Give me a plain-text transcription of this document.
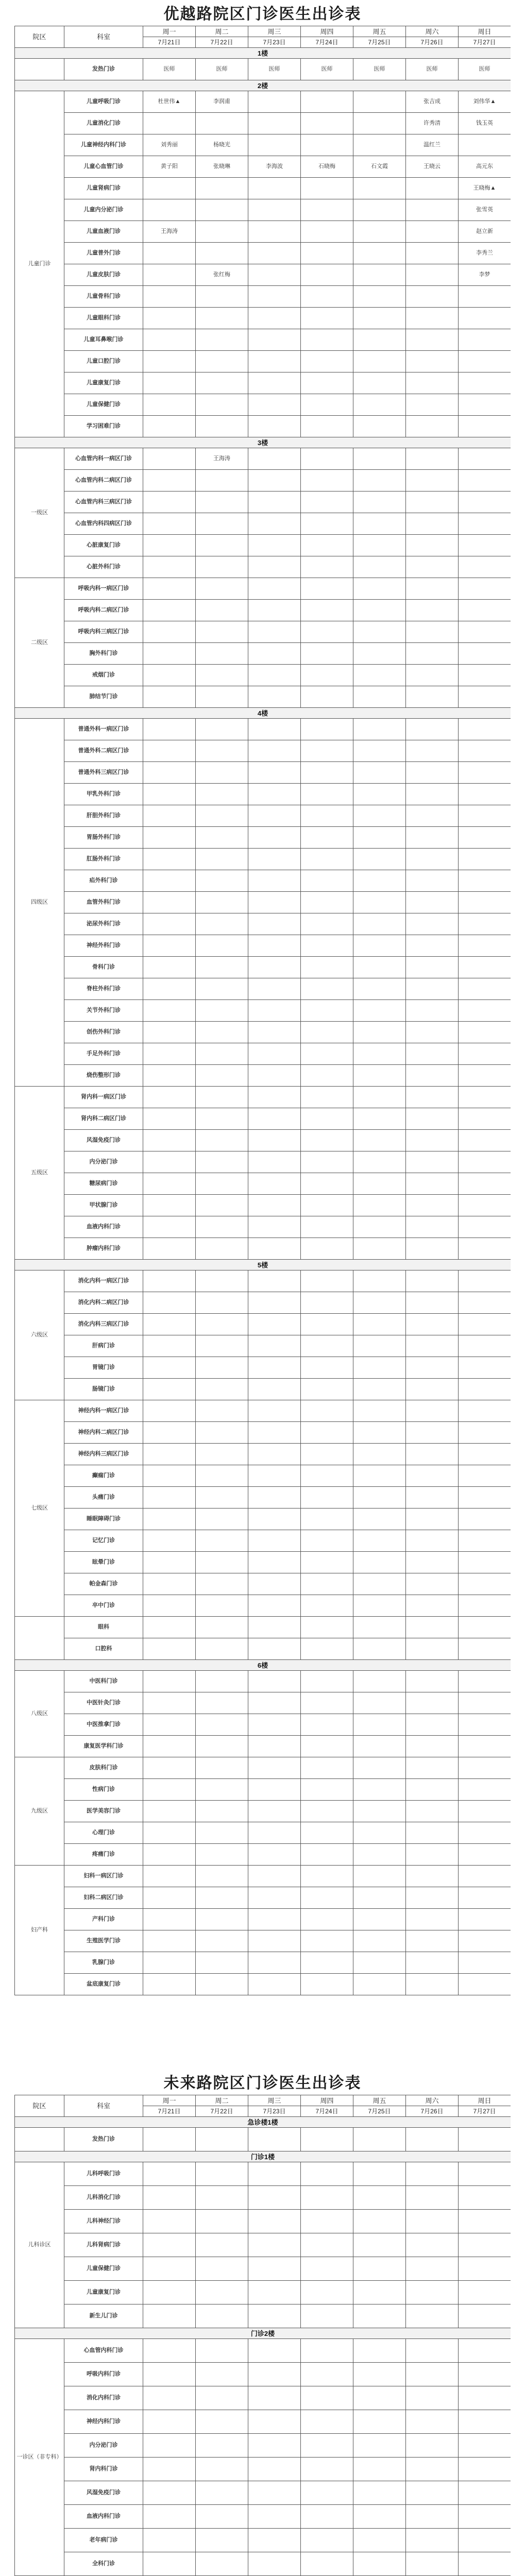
优越路院区门诊医生出诊表
院区	科室	周一	周二	周三	周四	周五	周六	周日
		7月21日	7月22日	7月23日	7月24日	7月25日	7月26日	7月27日
1楼								
	发热门诊	医师	医师	医师	医师	医师	医师	医师
2楼								
儿童门诊	儿童呼吸门诊	杜世伟▲	李润甫				张吉成	刘伟华▲
	儿童消化门诊						许秀清	钱玉英
	儿童神经内科门诊	刘秀丽	杨晓光				温红兰	
	儿童心血管门诊	黄子阳	张晓琳	李海波	石晓梅	石文霞	王晓云	高元东
	儿童肾病门诊							王晓梅▲
	儿童内分泌门诊							张雪英
	儿童血液门诊	王海涛						赵立新
	儿童普外门诊							李秀兰
	儿童皮肤门诊		张红梅					李梦
	儿童骨科门诊							
	儿童眼科门诊							
	儿童耳鼻喉门诊							
	儿童口腔门诊							
	儿童康复门诊							
	儿童保健门诊							
	学习困难门诊							
3楼								
一级区	心血管内科一病区门诊		王海涛					
	心血管内科二病区门诊							
	心血管内科三病区门诊							
	心血管内科四病区门诊							
	心脏康复门诊							
	心脏外科门诊							
二级区	呼吸内科一病区门诊							
	呼吸内科二病区门诊							
	呼吸内科三病区门诊							
	胸外科门诊							
	戒烟门诊							
	肺结节门诊							
4楼								
四级区	普通外科一病区门诊							
	普通外科二病区门诊							
	普通外科三病区门诊							
	甲乳外科门诊							
	肝胆外科门诊							
	胃肠外科门诊							
	肛肠外科门诊							
	疝外科门诊							
	血管外科门诊							
	泌尿外科门诊							
	神经外科门诊							
	骨科门诊							
	脊柱外科门诊							
	关节外科门诊							
	创伤外科门诊							
	手足外科门诊							
	烧伤整形门诊							
五级区	肾内科一病区门诊							
	肾内科二病区门诊							
	风湿免疫门诊							
	内分泌门诊							
	糖尿病门诊							
	甲状腺门诊							
	血液内科门诊							
	肿瘤内科门诊							
5楼								
六级区	消化内科一病区门诊							
	消化内科二病区门诊							
	消化内科三病区门诊							
	肝病门诊							
	胃镜门诊							
	肠镜门诊							
七级区	神经内科一病区门诊							
	神经内科二病区门诊							
	神经内科三病区门诊							
	癫痫门诊							
	头痛门诊							
	睡眠障碍门诊							
	记忆门诊							
	眩晕门诊							
	帕金森门诊							
	卒中门诊							
	眼科							
	口腔科							
6楼								
八级区	中医科门诊							
	中医针灸门诊							
	中医推拿门诊							
	康复医学科门诊							
九级区	皮肤科门诊							
	性病门诊							
	医学美容门诊							
	心理门诊							
	疼痛门诊							
妇产科	妇科一病区门诊							
	妇科二病区门诊							
	产科门诊							
	生殖医学门诊							
	乳腺门诊							
	盆底康复门诊							
未来路院区门诊医生出诊表
院区	科室	周一	周二	周三	周四	周五	周六	周日
		7月21日	7月22日	7月23日	7月24日	7月25日	7月26日	7月27日
急诊楼1楼								
	发热门诊							
门诊1楼								
儿科诊区	儿科呼吸门诊							
	儿科消化门诊							
	儿科神经门诊							
	儿科肾病门诊							
	儿童保健门诊							
	儿童康复门诊							
	新生儿门诊							
门诊2楼								
一诊区（非专科）	心血管内科门诊							
	呼吸内科门诊							
	消化内科门诊							
	神经内科门诊							
	内分泌门诊							
	肾内科门诊							
	风湿免疫门诊							
	血液内科门诊							
	老年病门诊							
	全科门诊							
